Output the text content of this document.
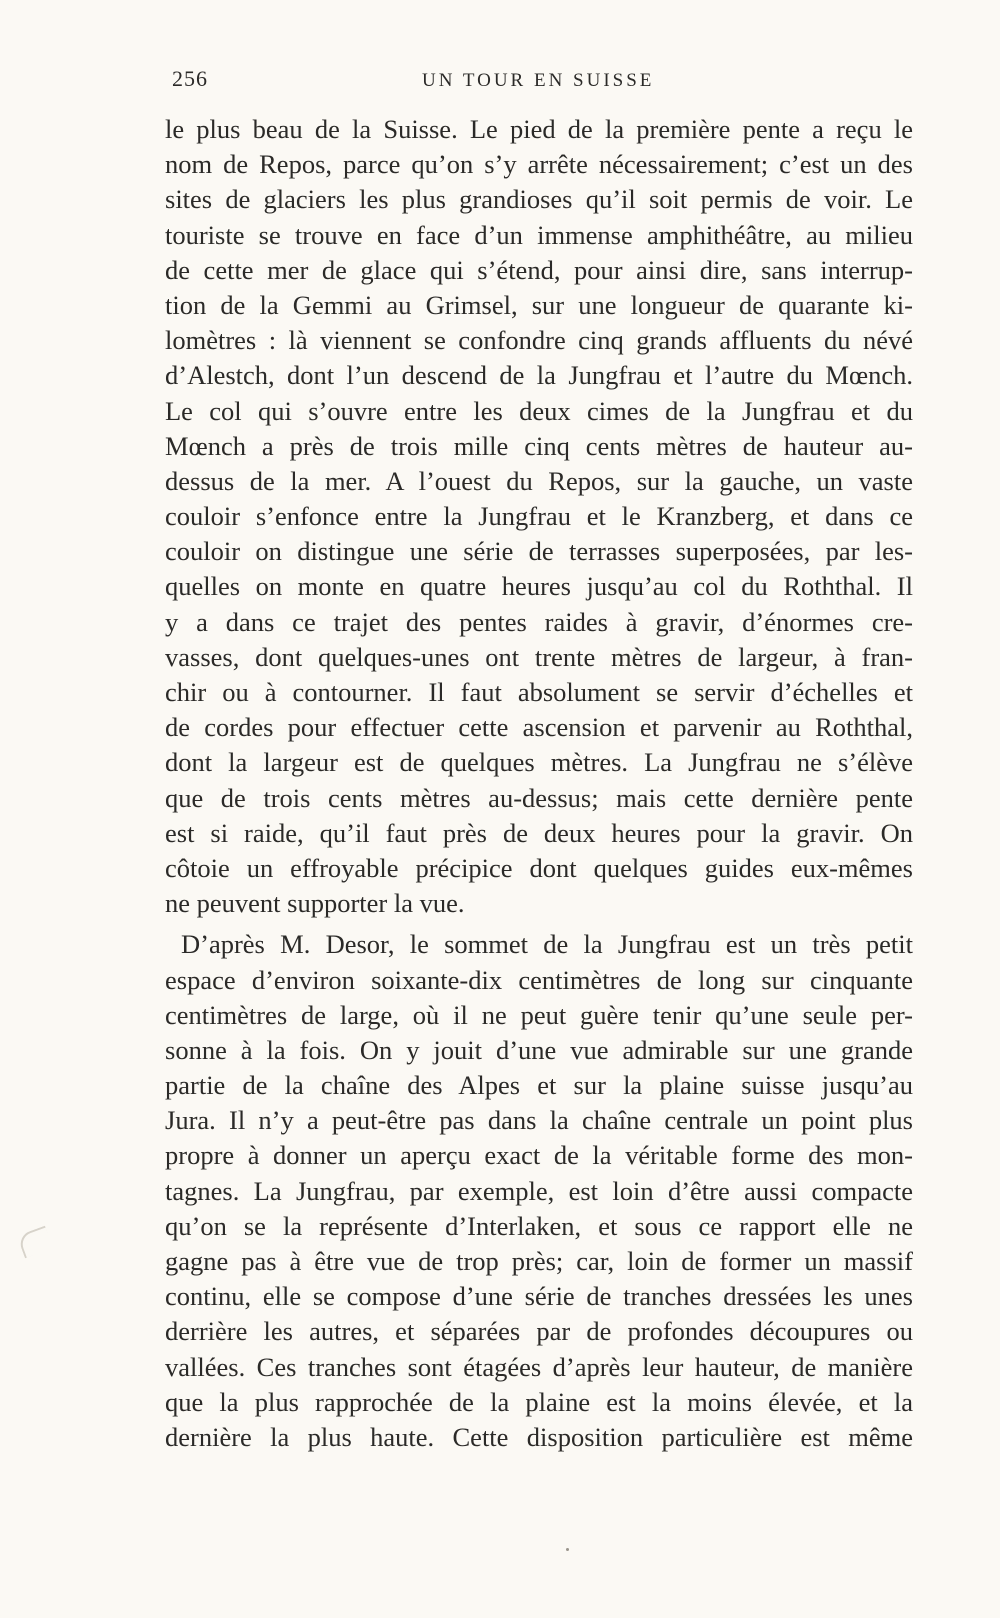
256	UN TOUR EN SUISSE
le plus beau de la Suisse. Le pied de la première pente a reçu le
nom de Repos, parce qu’on s’y arrête nécessairement; c’est un des
sites de glaciers les plus grandioses qu’il soit permis de voir. Le
touriste se trouve en face d’un immense amphithéâtre, au milieu
de cette mer de glace qui s’étend, pour ainsi dire, sans interrup-
tion de la Gemmi au Grimsel, sur une longueur de quarante ki-
lomètres : là viennent se confondre cinq grands affluents du névé
d’Alestch, dont l’un descend de la Jungfrau et l’autre du Mœnch.
Le col qui s’ouvre entre les deux cimes de la Jungfrau et du
Mœnch a près de trois mille cinq cents mètres de hauteur au-
dessus de la mer. A l’ouest du Repos, sur la gauche, un vaste
couloir s’enfonce entre la Jungfrau et le Kranzberg, et dans ce
couloir on distingue une série de terrasses superposées, par les-
quelles on monte en quatre heures jusqu’au col du Roththal. Il
y a dans ce trajet des pentes raides à gravir, d’énormes cre-
vasses, dont quelques-unes ont trente mètres de largeur, à fran-
chir ou à contourner. Il faut absolument se servir d’échelles et
de cordes pour effectuer cette ascension et parvenir au Roththal,
dont la largeur est de quelques mètres. La Jungfrau ne s’élève
que de trois cents mètres au-dessus; mais cette dernière pente
est si raide, qu’il faut près de deux heures pour la gravir. On
côtoie un effroyable précipice dont quelques guides eux-mêmes
ne peuvent supporter la vue.
D’après M. Desor, le sommet de la Jungfrau est un très petit
espace d’environ soixante-dix centimètres de long sur cinquante
centimètres de large, où il ne peut guère tenir qu’une seule per-
sonne à la fois. On y jouit d’une vue admirable sur une grande
partie de la chaîne des Alpes et sur la plaine suisse jusqu’au
Jura. Il n’y a peut-être pas dans la chaîne centrale un point plus
propre à donner un aperçu exact de la véritable forme des mon-
tagnes. La Jungfrau, par exemple, est loin d’être aussi compacte
qu’on se la représente d’Interlaken, et sous ce rapport elle ne
gagne pas à être vue de trop près; car, loin de former un massif
continu, elle se compose d’une série de tranches dressées les unes
derrière les autres, et séparées par de profondes découpures ou
vallées. Ces tranches sont étagées d’après leur hauteur, de manière
que la plus rapprochée de la plaine est la moins élevée, et la
dernière la plus haute. Cette disposition particulière est même
